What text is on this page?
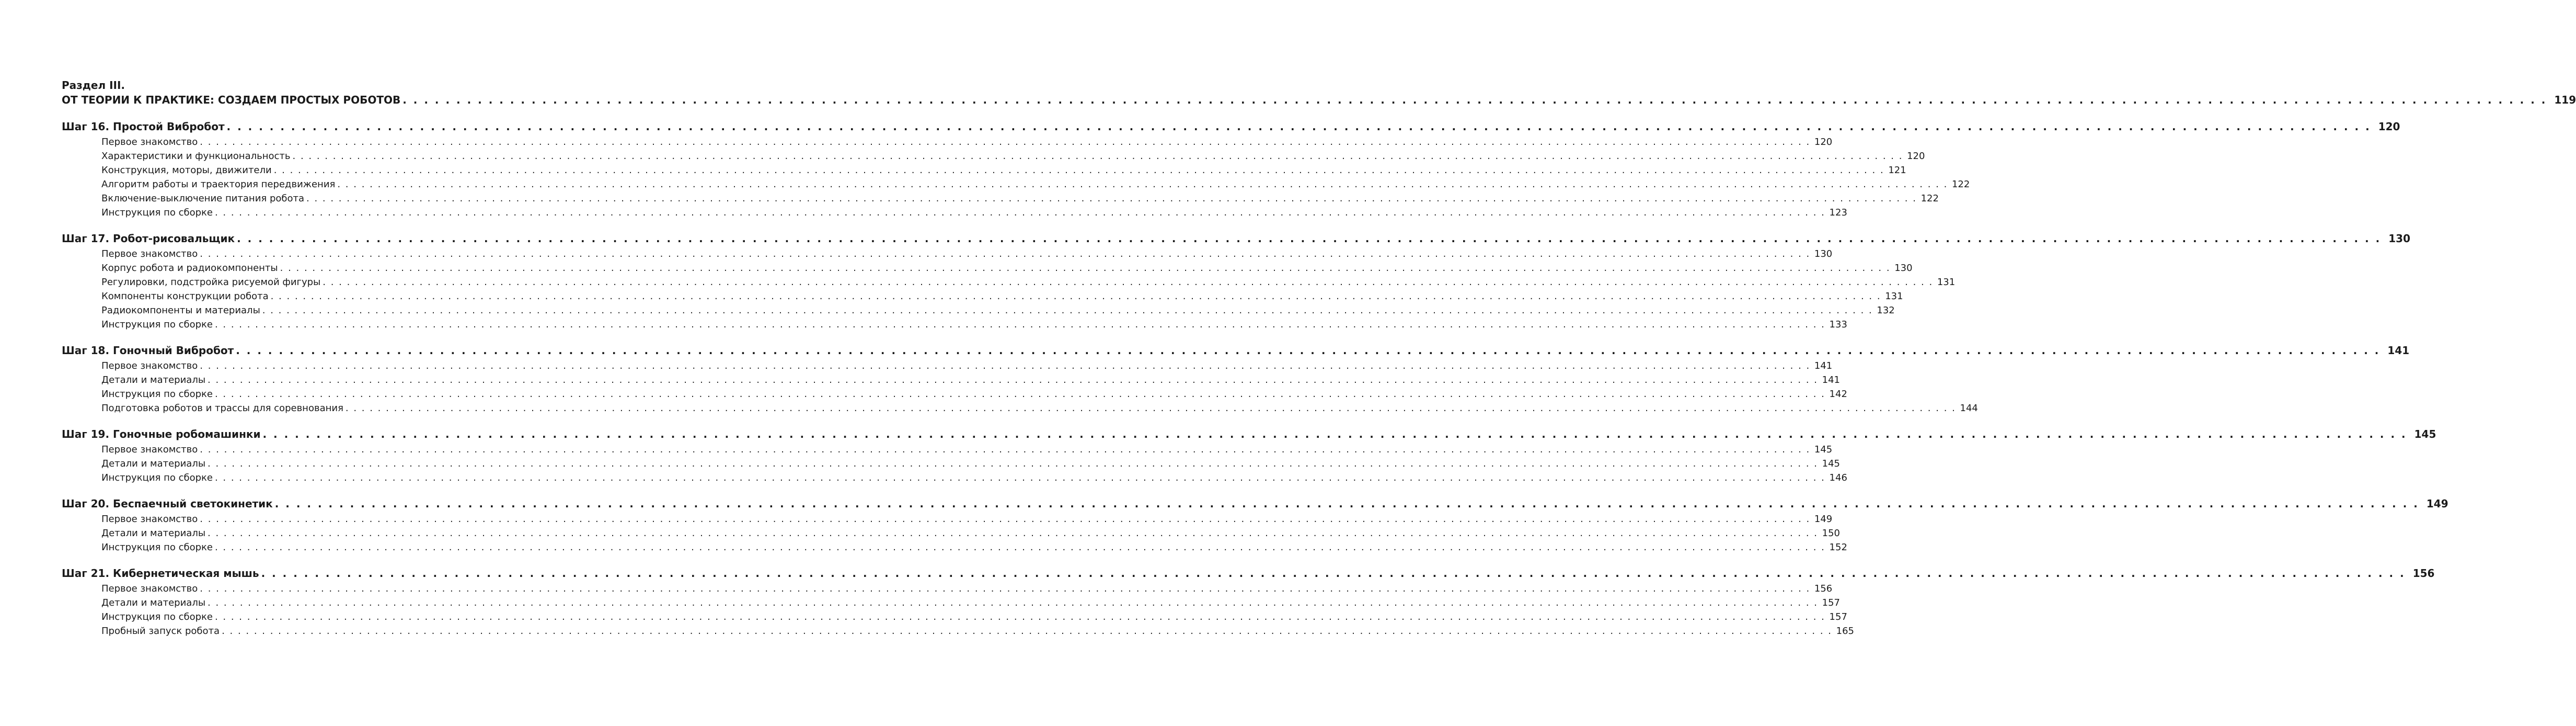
Раздел III.
ОТ ТЕОРИИ К ПРАКТИКЕ: СОЗДАЕМ ПРОСТЫХ РОБОТОВ . . . . . . . . . . . . . . . . . . . . . . . . . . . . . . . . . . . . . . . . . . . . . . . . . . . . . . . . . . . . . . . . . . . . . . . . . . . . . . . . . . . . . . . . . . . . . . . . . . . . . . . . . . . . . . . . . . . . . . . . . . . . . . . . . . . . . . . . . . . . . . . . . . . . . . . . . . . . . . . . . . . . . . . . . . . . . . . . . . . . . . . . . . . . . . . . . . . . . . . . 119
Шаг 16. Простой Вибробот . . . . . . . . . . . . . . . . . . . . . . . . . . . . . . . . . . . . . . . . . . . . . . . . . . . . . . . . . . . . . . . . . . . . . . . . . . . . . . . . . . . . . . . . . . . . . . . . . . . . . . . . . . . . . . . . . . . . . . . . . . . . . . . . . . . . . . . . . . . . . . . . . . . . . . . . . . . . . . . . . . . . . . . . . . . . . . . . . . . . . . . . . . . . . . . . . . . . . . . . 120
Первое знакомство . . . . . . . . . . . . . . . . . . . . . . . . . . . . . . . . . . . . . . . . . . . . . . . . . . . . . . . . . . . . . . . . . . . . . . . . . . . . . . . . . . . . . . . . . . . . . . . . . . . . . . . . . . . . . . . . . . . . . . . . . . . . . . . . . . . . . . . . . . . . . . . . . . . . . . . . . . . . . . . . . . . . . . . . . . . . . . . . . . . . . . . . . . . . . . . . . . . . . . . . 120
Характеристики и функциональность . . . . . . . . . . . . . . . . . . . . . . . . . . . . . . . . . . . . . . . . . . . . . . . . . . . . . . . . . . . . . . . . . . . . . . . . . . . . . . . . . . . . . . . . . . . . . . . . . . . . . . . . . . . . . . . . . . . . . . . . . . . . . . . . . . . . . . . . . . . . . . . . . . . . . . . . . . . . . . . . . . . . . . . . . . . . . . . . . . . . . . . . . . . . . . . . . . . . . . . . 120
Конструкция, моторы, движители . . . . . . . . . . . . . . . . . . . . . . . . . . . . . . . . . . . . . . . . . . . . . . . . . . . . . . . . . . . . . . . . . . . . . . . . . . . . . . . . . . . . . . . . . . . . . . . . . . . . . . . . . . . . . . . . . . . . . . . . . . . . . . . . . . . . . . . . . . . . . . . . . . . . . . . . . . . . . . . . . . . . . . . . . . . . . . . . . . . . . . . . . . . . . . . . . . . . . . . . 121
Алгоритм работы и траектория передвижения . . . . . . . . . . . . . . . . . . . . . . . . . . . . . . . . . . . . . . . . . . . . . . . . . . . . . . . . . . . . . . . . . . . . . . . . . . . . . . . . . . . . . . . . . . . . . . . . . . . . . . . . . . . . . . . . . . . . . . . . . . . . . . . . . . . . . . . . . . . . . . . . . . . . . . . . . . . . . . . . . . . . . . . . . . . . . . . . . . . . . . . . . . . . . . . . . . . . . . . . 122
Включение-выключение питания робота . . . . . . . . . . . . . . . . . . . . . . . . . . . . . . . . . . . . . . . . . . . . . . . . . . . . . . . . . . . . . . . . . . . . . . . . . . . . . . . . . . . . . . . . . . . . . . . . . . . . . . . . . . . . . . . . . . . . . . . . . . . . . . . . . . . . . . . . . . . . . . . . . . . . . . . . . . . . . . . . . . . . . . . . . . . . . . . . . . . . . . . . . . . . . . . . . . . . . . . . 122
Инструкция по сборке . . . . . . . . . . . . . . . . . . . . . . . . . . . . . . . . . . . . . . . . . . . . . . . . . . . . . . . . . . . . . . . . . . . . . . . . . . . . . . . . . . . . . . . . . . . . . . . . . . . . . . . . . . . . . . . . . . . . . . . . . . . . . . . . . . . . . . . . . . . . . . . . . . . . . . . . . . . . . . . . . . . . . . . . . . . . . . . . . . . . . . . . . . . . . . . . . . . . . . . . 123
Шаг 17. Робот-рисовальщик . . . . . . . . . . . . . . . . . . . . . . . . . . . . . . . . . . . . . . . . . . . . . . . . . . . . . . . . . . . . . . . . . . . . . . . . . . . . . . . . . . . . . . . . . . . . . . . . . . . . . . . . . . . . . . . . . . . . . . . . . . . . . . . . . . . . . . . . . . . . . . . . . . . . . . . . . . . . . . . . . . . . . . . . . . . . . . . . . . . . . . . . . . . . . . . . . . . . . . . . 130
Первое знакомство . . . . . . . . . . . . . . . . . . . . . . . . . . . . . . . . . . . . . . . . . . . . . . . . . . . . . . . . . . . . . . . . . . . . . . . . . . . . . . . . . . . . . . . . . . . . . . . . . . . . . . . . . . . . . . . . . . . . . . . . . . . . . . . . . . . . . . . . . . . . . . . . . . . . . . . . . . . . . . . . . . . . . . . . . . . . . . . . . . . . . . . . . . . . . . . . . . . . . . . . 130
Корпус робота и радиокомпоненты . . . . . . . . . . . . . . . . . . . . . . . . . . . . . . . . . . . . . . . . . . . . . . . . . . . . . . . . . . . . . . . . . . . . . . . . . . . . . . . . . . . . . . . . . . . . . . . . . . . . . . . . . . . . . . . . . . . . . . . . . . . . . . . . . . . . . . . . . . . . . . . . . . . . . . . . . . . . . . . . . . . . . . . . . . . . . . . . . . . . . . . . . . . . . . . . . . . . . . . . 130
Регулировки, подстройка рисуемой фигуры . . . . . . . . . . . . . . . . . . . . . . . . . . . . . . . . . . . . . . . . . . . . . . . . . . . . . . . . . . . . . . . . . . . . . . . . . . . . . . . . . . . . . . . . . . . . . . . . . . . . . . . . . . . . . . . . . . . . . . . . . . . . . . . . . . . . . . . . . . . . . . . . . . . . . . . . . . . . . . . . . . . . . . . . . . . . . . . . . . . . . . . . . . . . . . . . . . . . . . . . 131
Компоненты конструкции робота . . . . . . . . . . . . . . . . . . . . . . . . . . . . . . . . . . . . . . . . . . . . . . . . . . . . . . . . . . . . . . . . . . . . . . . . . . . . . . . . . . . . . . . . . . . . . . . . . . . . . . . . . . . . . . . . . . . . . . . . . . . . . . . . . . . . . . . . . . . . . . . . . . . . . . . . . . . . . . . . . . . . . . . . . . . . . . . . . . . . . . . . . . . . . . . . . . . . . . . . 131
Радиокомпоненты и материалы . . . . . . . . . . . . . . . . . . . . . . . . . . . . . . . . . . . . . . . . . . . . . . . . . . . . . . . . . . . . . . . . . . . . . . . . . . . . . . . . . . . . . . . . . . . . . . . . . . . . . . . . . . . . . . . . . . . . . . . . . . . . . . . . . . . . . . . . . . . . . . . . . . . . . . . . . . . . . . . . . . . . . . . . . . . . . . . . . . . . . . . . . . . . . . . . . . . . . . . . 132
Инструкция по сборке . . . . . . . . . . . . . . . . . . . . . . . . . . . . . . . . . . . . . . . . . . . . . . . . . . . . . . . . . . . . . . . . . . . . . . . . . . . . . . . . . . . . . . . . . . . . . . . . . . . . . . . . . . . . . . . . . . . . . . . . . . . . . . . . . . . . . . . . . . . . . . . . . . . . . . . . . . . . . . . . . . . . . . . . . . . . . . . . . . . . . . . . . . . . . . . . . . . . . . . . 133
Шаг 18. Гоночный Вибробот . . . . . . . . . . . . . . . . . . . . . . . . . . . . . . . . . . . . . . . . . . . . . . . . . . . . . . . . . . . . . . . . . . . . . . . . . . . . . . . . . . . . . . . . . . . . . . . . . . . . . . . . . . . . . . . . . . . . . . . . . . . . . . . . . . . . . . . . . . . . . . . . . . . . . . . . . . . . . . . . . . . . . . . . . . . . . . . . . . . . . . . . . . . . . . . . . . . . . . . . 141
Первое знакомство . . . . . . . . . . . . . . . . . . . . . . . . . . . . . . . . . . . . . . . . . . . . . . . . . . . . . . . . . . . . . . . . . . . . . . . . . . . . . . . . . . . . . . . . . . . . . . . . . . . . . . . . . . . . . . . . . . . . . . . . . . . . . . . . . . . . . . . . . . . . . . . . . . . . . . . . . . . . . . . . . . . . . . . . . . . . . . . . . . . . . . . . . . . . . . . . . . . . . . . . 141
Детали и материалы . . . . . . . . . . . . . . . . . . . . . . . . . . . . . . . . . . . . . . . . . . . . . . . . . . . . . . . . . . . . . . . . . . . . . . . . . . . . . . . . . . . . . . . . . . . . . . . . . . . . . . . . . . . . . . . . . . . . . . . . . . . . . . . . . . . . . . . . . . . . . . . . . . . . . . . . . . . . . . . . . . . . . . . . . . . . . . . . . . . . . . . . . . . . . . . . . . . . . . . . 141
Инструкция по сборке . . . . . . . . . . . . . . . . . . . . . . . . . . . . . . . . . . . . . . . . . . . . . . . . . . . . . . . . . . . . . . . . . . . . . . . . . . . . . . . . . . . . . . . . . . . . . . . . . . . . . . . . . . . . . . . . . . . . . . . . . . . . . . . . . . . . . . . . . . . . . . . . . . . . . . . . . . . . . . . . . . . . . . . . . . . . . . . . . . . . . . . . . . . . . . . . . . . . . . . . 142
Подготовка роботов и трассы для соревнования . . . . . . . . . . . . . . . . . . . . . . . . . . . . . . . . . . . . . . . . . . . . . . . . . . . . . . . . . . . . . . . . . . . . . . . . . . . . . . . . . . . . . . . . . . . . . . . . . . . . . . . . . . . . . . . . . . . . . . . . . . . . . . . . . . . . . . . . . . . . . . . . . . . . . . . . . . . . . . . . . . . . . . . . . . . . . . . . . . . . . . . . . . . . . . . . . . . . . . . . 144
Шаг 19. Гоночные робомашинки . . . . . . . . . . . . . . . . . . . . . . . . . . . . . . . . . . . . . . . . . . . . . . . . . . . . . . . . . . . . . . . . . . . . . . . . . . . . . . . . . . . . . . . . . . . . . . . . . . . . . . . . . . . . . . . . . . . . . . . . . . . . . . . . . . . . . . . . . . . . . . . . . . . . . . . . . . . . . . . . . . . . . . . . . . . . . . . . . . . . . . . . . . . . . . . . . . . . . . . . 145
Первое знакомство . . . . . . . . . . . . . . . . . . . . . . . . . . . . . . . . . . . . . . . . . . . . . . . . . . . . . . . . . . . . . . . . . . . . . . . . . . . . . . . . . . . . . . . . . . . . . . . . . . . . . . . . . . . . . . . . . . . . . . . . . . . . . . . . . . . . . . . . . . . . . . . . . . . . . . . . . . . . . . . . . . . . . . . . . . . . . . . . . . . . . . . . . . . . . . . . . . . . . . . . 145
Детали и материалы . . . . . . . . . . . . . . . . . . . . . . . . . . . . . . . . . . . . . . . . . . . . . . . . . . . . . . . . . . . . . . . . . . . . . . . . . . . . . . . . . . . . . . . . . . . . . . . . . . . . . . . . . . . . . . . . . . . . . . . . . . . . . . . . . . . . . . . . . . . . . . . . . . . . . . . . . . . . . . . . . . . . . . . . . . . . . . . . . . . . . . . . . . . . . . . . . . . . . . . . 145
Инструкция по сборке . . . . . . . . . . . . . . . . . . . . . . . . . . . . . . . . . . . . . . . . . . . . . . . . . . . . . . . . . . . . . . . . . . . . . . . . . . . . . . . . . . . . . . . . . . . . . . . . . . . . . . . . . . . . . . . . . . . . . . . . . . . . . . . . . . . . . . . . . . . . . . . . . . . . . . . . . . . . . . . . . . . . . . . . . . . . . . . . . . . . . . . . . . . . . . . . . . . . . . . . 146
Шаг 20. Беспаечный светокинетик . . . . . . . . . . . . . . . . . . . . . . . . . . . . . . . . . . . . . . . . . . . . . . . . . . . . . . . . . . . . . . . . . . . . . . . . . . . . . . . . . . . . . . . . . . . . . . . . . . . . . . . . . . . . . . . . . . . . . . . . . . . . . . . . . . . . . . . . . . . . . . . . . . . . . . . . . . . . . . . . . . . . . . . . . . . . . . . . . . . . . . . . . . . . . . . . . . . . . . . . 149
Первое знакомство . . . . . . . . . . . . . . . . . . . . . . . . . . . . . . . . . . . . . . . . . . . . . . . . . . . . . . . . . . . . . . . . . . . . . . . . . . . . . . . . . . . . . . . . . . . . . . . . . . . . . . . . . . . . . . . . . . . . . . . . . . . . . . . . . . . . . . . . . . . . . . . . . . . . . . . . . . . . . . . . . . . . . . . . . . . . . . . . . . . . . . . . . . . . . . . . . . . . . . . . 149
Детали и материалы . . . . . . . . . . . . . . . . . . . . . . . . . . . . . . . . . . . . . . . . . . . . . . . . . . . . . . . . . . . . . . . . . . . . . . . . . . . . . . . . . . . . . . . . . . . . . . . . . . . . . . . . . . . . . . . . . . . . . . . . . . . . . . . . . . . . . . . . . . . . . . . . . . . . . . . . . . . . . . . . . . . . . . . . . . . . . . . . . . . . . . . . . . . . . . . . . . . . . . . . 150
Инструкция по сборке . . . . . . . . . . . . . . . . . . . . . . . . . . . . . . . . . . . . . . . . . . . . . . . . . . . . . . . . . . . . . . . . . . . . . . . . . . . . . . . . . . . . . . . . . . . . . . . . . . . . . . . . . . . . . . . . . . . . . . . . . . . . . . . . . . . . . . . . . . . . . . . . . . . . . . . . . . . . . . . . . . . . . . . . . . . . . . . . . . . . . . . . . . . . . . . . . . . . . . . . 152
Шаг 21. Кибернетическая мышь . . . . . . . . . . . . . . . . . . . . . . . . . . . . . . . . . . . . . . . . . . . . . . . . . . . . . . . . . . . . . . . . . . . . . . . . . . . . . . . . . . . . . . . . . . . . . . . . . . . . . . . . . . . . . . . . . . . . . . . . . . . . . . . . . . . . . . . . . . . . . . . . . . . . . . . . . . . . . . . . . . . . . . . . . . . . . . . . . . . . . . . . . . . . . . . . . . . . . . . . 156
Первое знакомство . . . . . . . . . . . . . . . . . . . . . . . . . . . . . . . . . . . . . . . . . . . . . . . . . . . . . . . . . . . . . . . . . . . . . . . . . . . . . . . . . . . . . . . . . . . . . . . . . . . . . . . . . . . . . . . . . . . . . . . . . . . . . . . . . . . . . . . . . . . . . . . . . . . . . . . . . . . . . . . . . . . . . . . . . . . . . . . . . . . . . . . . . . . . . . . . . . . . . . . . 156
Детали и материалы . . . . . . . . . . . . . . . . . . . . . . . . . . . . . . . . . . . . . . . . . . . . . . . . . . . . . . . . . . . . . . . . . . . . . . . . . . . . . . . . . . . . . . . . . . . . . . . . . . . . . . . . . . . . . . . . . . . . . . . . . . . . . . . . . . . . . . . . . . . . . . . . . . . . . . . . . . . . . . . . . . . . . . . . . . . . . . . . . . . . . . . . . . . . . . . . . . . . . . . . 157
Инструкция по сборке . . . . . . . . . . . . . . . . . . . . . . . . . . . . . . . . . . . . . . . . . . . . . . . . . . . . . . . . . . . . . . . . . . . . . . . . . . . . . . . . . . . . . . . . . . . . . . . . . . . . . . . . . . . . . . . . . . . . . . . . . . . . . . . . . . . . . . . . . . . . . . . . . . . . . . . . . . . . . . . . . . . . . . . . . . . . . . . . . . . . . . . . . . . . . . . . . . . . . . . . 157
Пробный запуск робота . . . . . . . . . . . . . . . . . . . . . . . . . . . . . . . . . . . . . . . . . . . . . . . . . . . . . . . . . . . . . . . . . . . . . . . . . . . . . . . . . . . . . . . . . . . . . . . . . . . . . . . . . . . . . . . . . . . . . . . . . . . . . . . . . . . . . . . . . . . . . . . . . . . . . . . . . . . . . . . . . . . . . . . . . . . . . . . . . . . . . . . . . . . . . . . . . . . . . . . . 165
